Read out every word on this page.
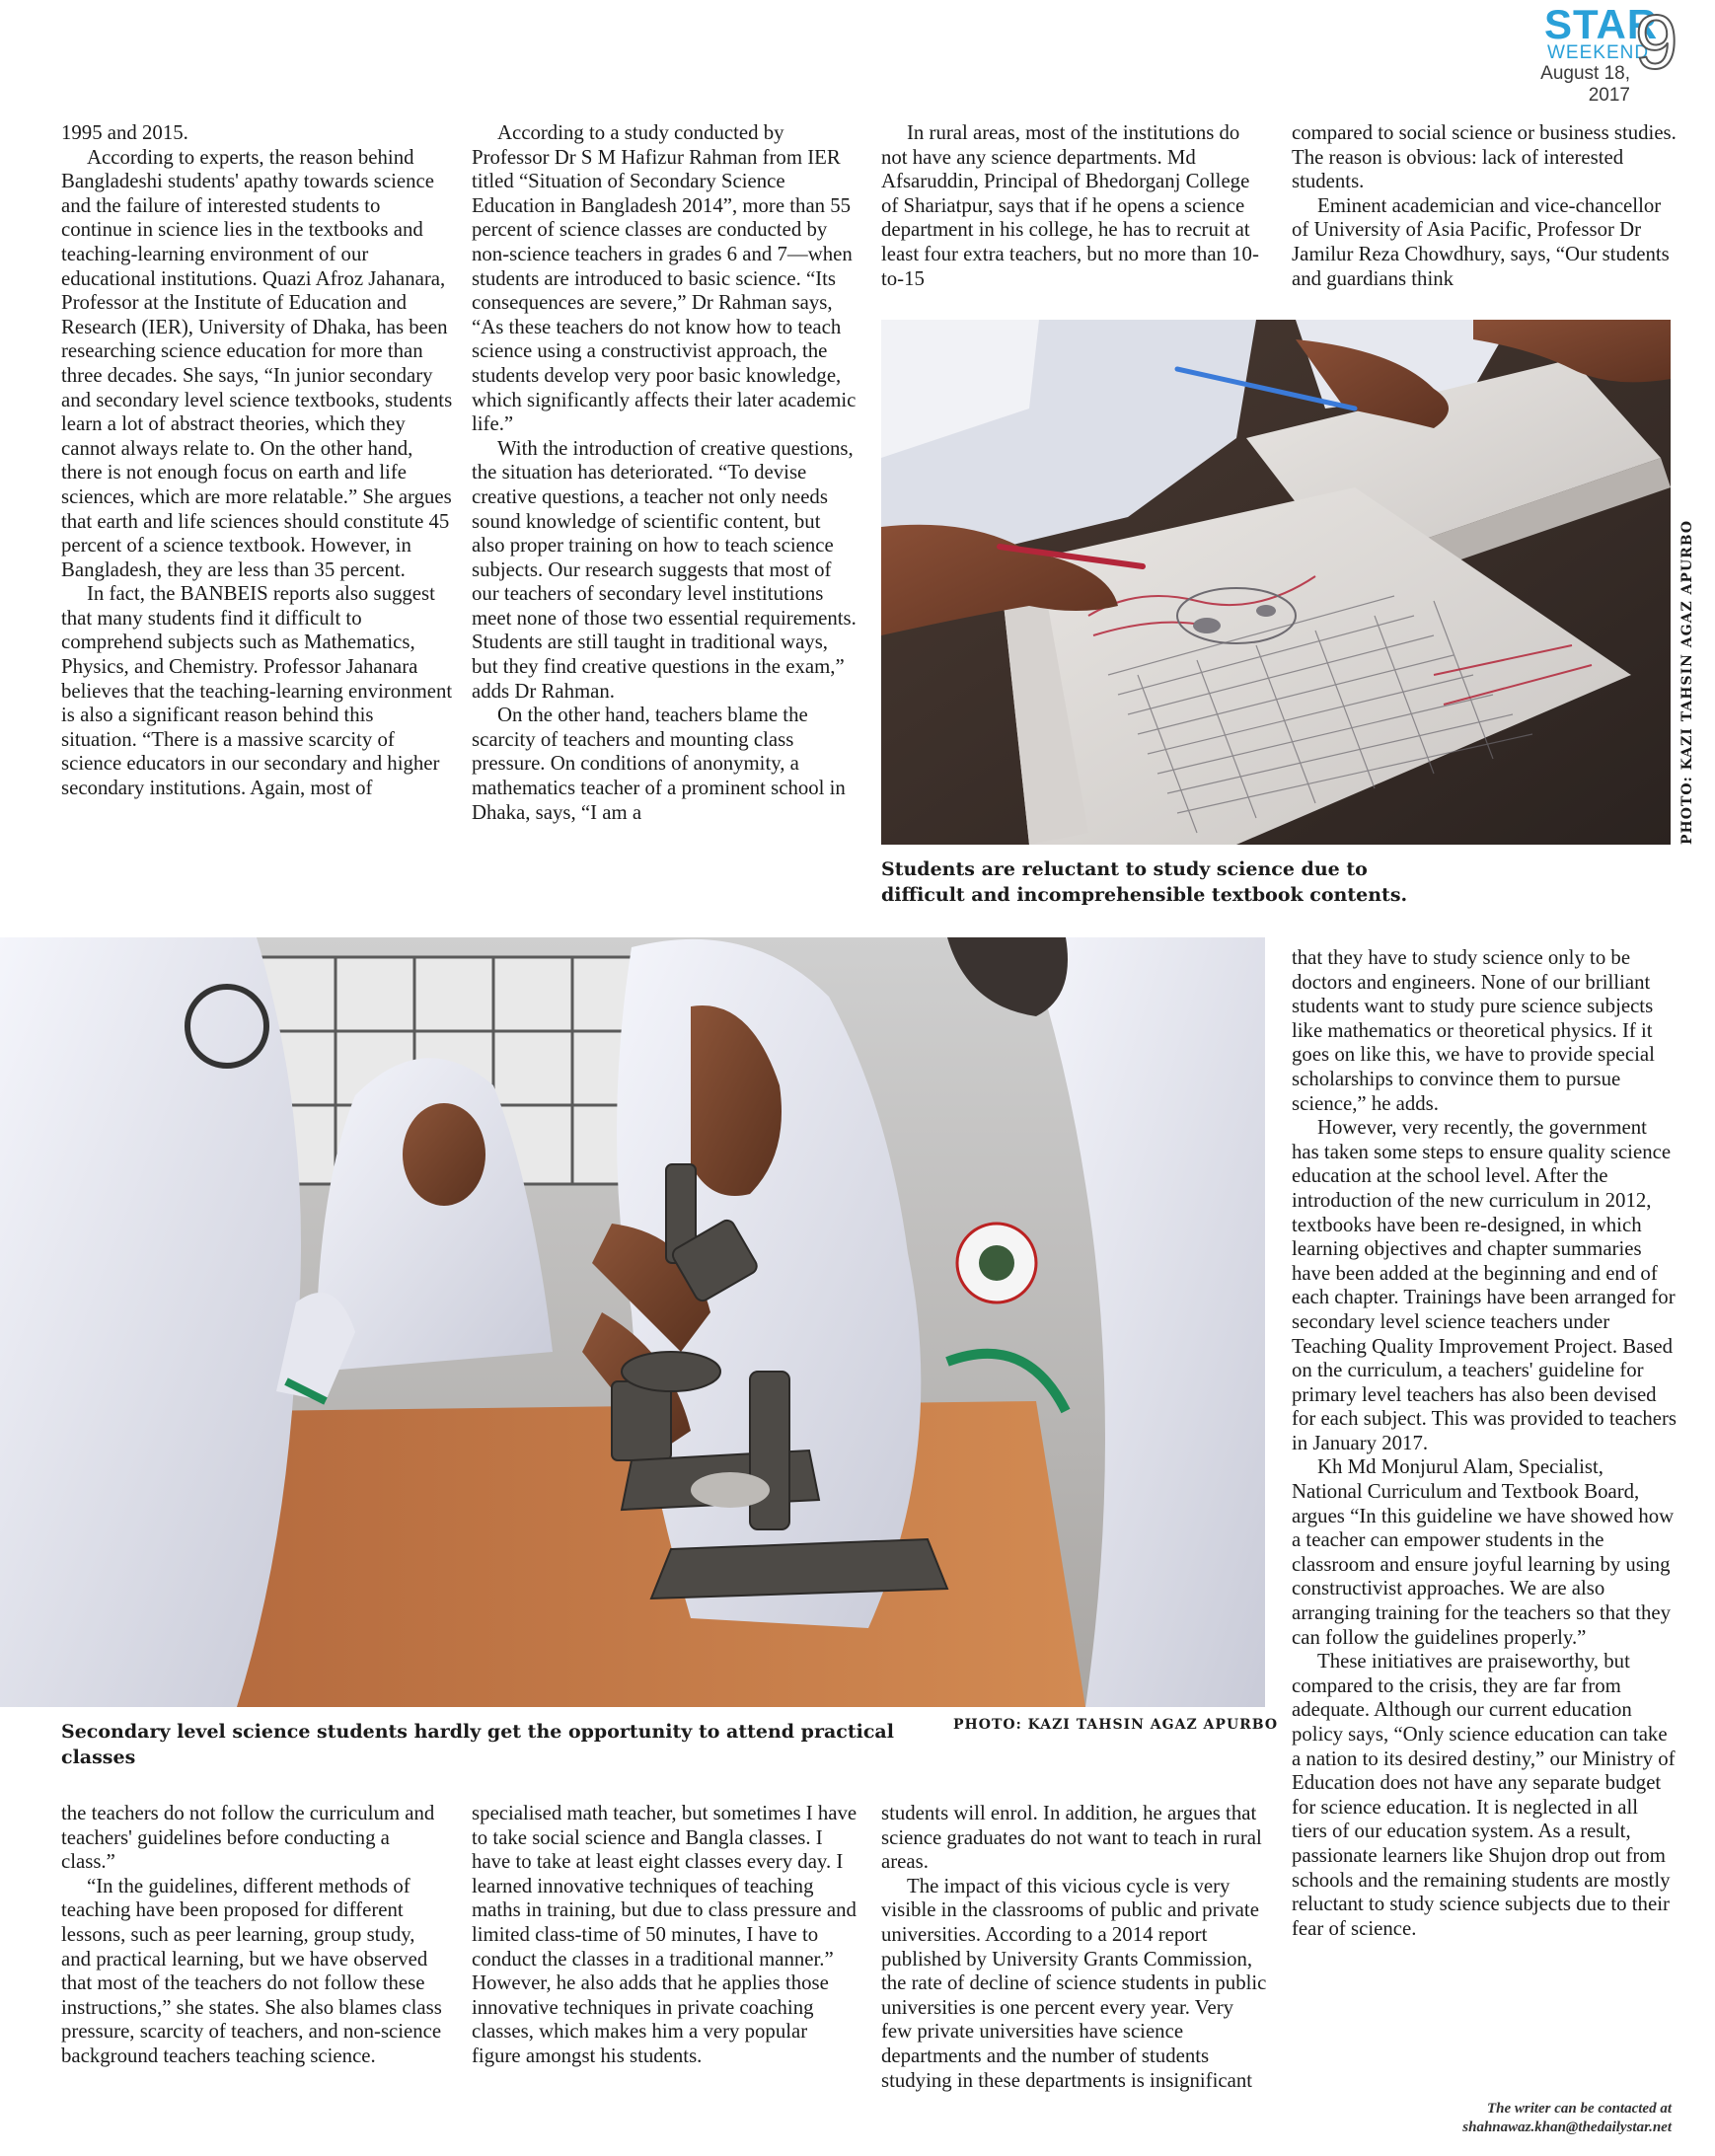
STAR
WEEKEND
August 18, 2017
9

1995 and 2015.

According to experts, the reason behind Bangladeshi students' apathy towards science and the failure of interested students to continue in science lies in the textbooks and teaching-learning environment of our educational institutions. Quazi Afroz Jahanara, Professor at the Institute of Education and Research (IER), University of Dhaka, has been researching science education for more than three decades. She says, “In junior secondary and secondary level science textbooks, students learn a lot of abstract theories, which they cannot always relate to. On the other hand, there is not enough focus on earth and life sciences, which are more relatable.” She argues that earth and life sciences should constitute 45 percent of a science textbook. However, in Bangladesh, they are less than 35 percent.

In fact, the BANBEIS reports also suggest that many students find it difficult to comprehend subjects such as Mathematics, Physics, and Chemistry. Professor Jahanara believes that the teaching-learning environment is also a significant reason behind this situation. “There is a massive scarcity of science educators in our secondary and higher secondary institutions. Again, most of

According to a study conducted by Professor Dr S M Hafizur Rahman from IER titled “Situation of Secondary Science Education in Bangladesh 2014”, more than 55 percent of science classes are conducted by non-science teachers in grades 6 and 7—when students are introduced to basic science. “Its consequences are severe,” Dr Rahman says, “As these teachers do not know how to teach science using a constructivist approach, the students develop very poor basic knowledge, which significantly affects their later academic life.”

With the introduction of creative questions, the situation has deteriorated. “To devise creative questions, a teacher not only needs sound knowledge of scientific content, but also proper training on how to teach science subjects. Our research suggests that most of our teachers of secondary level institutions meet none of those two essential requirements. Students are still taught in traditional ways, but they find creative questions in the exam,” adds Dr Rahman.

On the other hand, teachers blame the scarcity of teachers and mounting class pressure. On conditions of anonymity, a mathematics teacher of a prominent school in Dhaka, says, “I am a

In rural areas, most of the institutions do not have any science departments. Md Afsaruddin, Principal of Bhedorganj College of Shariatpur, says that if he opens a science department in his college, he has to recruit at least four extra teachers, but no more than 10-to-15

compared to social science or business studies. The reason is obvious: lack of interested students.

Eminent academician and vice-chancellor of University of Asia Pacific, Professor Dr Jamilur Reza Chowdhury, says, “Our students and guardians think

PHOTO: KAZI TAHSIN AGAZ APURBO
Students are reluctant to study science due to difficult and incomprehensible textbook contents.
Secondary level science students hardly get the opportunity to attend practical classes
PHOTO: KAZI TAHSIN AGAZ APURBO

that they have to study science only to be doctors and engineers. None of our brilliant students want to study pure science subjects like mathematics or theoretical physics. If it goes on like this, we have to provide special scholarships to convince them to pursue science,” he adds.

However, very recently, the government has taken some steps to ensure quality science education at the school level. After the introduction of the new curriculum in 2012, textbooks have been re-designed, in which learning objectives and chapter summaries have been added at the beginning and end of each chapter. Trainings have been arranged for secondary level science teachers under Teaching Quality Improvement Project. Based on the curriculum, a teachers' guideline for primary level teachers has also been devised for each subject. This was provided to teachers in January 2017.

Kh Md Monjurul Alam, Specialist, National Curriculum and Textbook Board, argues “In this guideline we have showed how a teacher can empower students in the classroom and ensure joyful learning by using constructivist approaches. We are also arranging training for the teachers so that they can follow the guidelines properly.”

These initiatives are praiseworthy, but compared to the crisis, they are far from adequate. Although our current education policy says, “Only science education can take a nation to its desired destiny,” our Ministry of Education does not have any separate budget for science education. It is neglected in all tiers of our education system. As a result, passionate learners like Shujon drop out from schools and the remaining students are mostly reluctant to study science subjects due to their fear of science.

the teachers do not follow the curriculum and teachers' guidelines before conducting a class.”

“In the guidelines, different methods of teaching have been proposed for different lessons, such as peer learning, group study, and practical learning, but we have observed that most of the teachers do not follow these instructions,” she states. She also blames class pressure, scarcity of teachers, and non-science background teachers teaching science.

specialised math teacher, but sometimes I have to take social science and Bangla classes. I have to take at least eight classes every day. I learned innovative techniques of teaching maths in training, but due to class pressure and limited class-time of 50 minutes, I have to conduct the classes in a traditional manner.” However, he also adds that he applies those innovative techniques in private coaching classes, which makes him a very popular figure amongst his students.

students will enrol. In addition, he argues that science graduates do not want to teach in rural areas.

The impact of this vicious cycle is very visible in the classrooms of public and private universities. According to a 2014 report published by University Grants Commission, the rate of decline of science students in public universities is one percent every year. Very few private universities have science departments and the number of students studying in these departments is insignificant

The writer can be contacted at
shahnawaz.khan@thedailystar.net
